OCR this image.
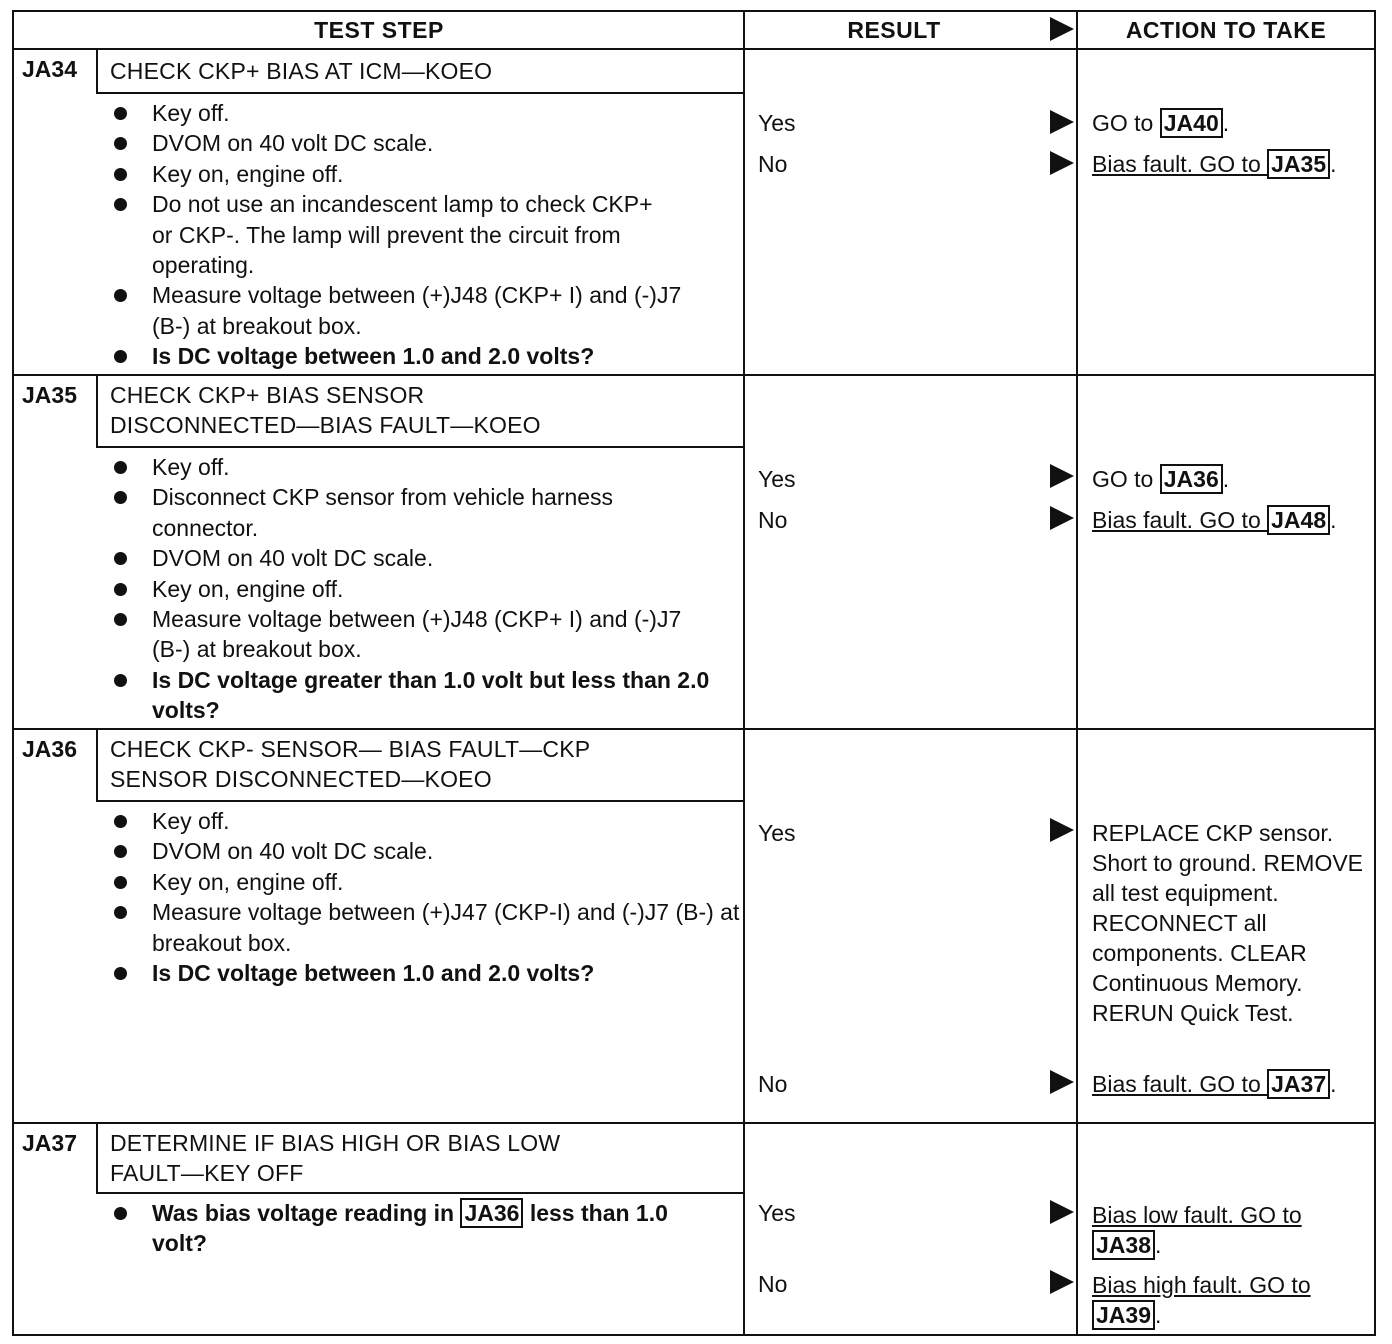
TEST STEP	RESULT	ACTION TO TAKE
JA34 CHECK CKP+ BIAS AT ICM—KOEO
Key off.
DVOM on 40 volt DC scale.
Key on, engine off.
Do not use an incandescent lamp to check CKP+ or CKP-. The lamp will prevent the circuit from operating.
Measure voltage between (+)J48 (CKP+ I) and (-)J7 (B-) at breakout box.
Is DC voltage between 1.0 and 2.0 volts?
Yes	GO to JA40 .
No	Bias fault. GO to JA35 .
JA35 CHECK CKP+ BIAS SENSOR
DISCONNECTED—BIAS FAULT—KOEO
Key off.
Disconnect CKP sensor from vehicle harness connector.
DVOM on 40 volt DC scale.
Key on, engine off.
Measure voltage between (+)J48 (CKP+ I) and (-)J7 (B-) at breakout box.
Is DC voltage greater than 1.0 volt but less than 2.0 volts?
Yes	GO to JA36 .
No	Bias fault. GO to JA48 .
JA36 CHECK CKP- SENSOR— BIAS FAULT—CKP
SENSOR DISCONNECTED—KOEO
Key off.
DVOM on 40 volt DC scale.
Key on, engine off.
Measure voltage between (+)J47 (CKP-I) and (-)J7 (B-) at breakout box.
Is DC voltage between 1.0 and 2.0 volts?
Yes	REPLACE CKP sensor. Short to ground. REMOVE all test equipment. RECONNECT all components. CLEAR Continuous Memory. RERUN Quick Test.
No	Bias fault. GO to JA37 .
JA37 DETERMINE IF BIAS HIGH OR BIAS LOW
FAULT—KEY OFF
Was bias voltage reading in JA36 less than 1.0 volt?
Yes	Bias low fault. GO to JA38 .
No	Bias high fault. GO to JA39 .
